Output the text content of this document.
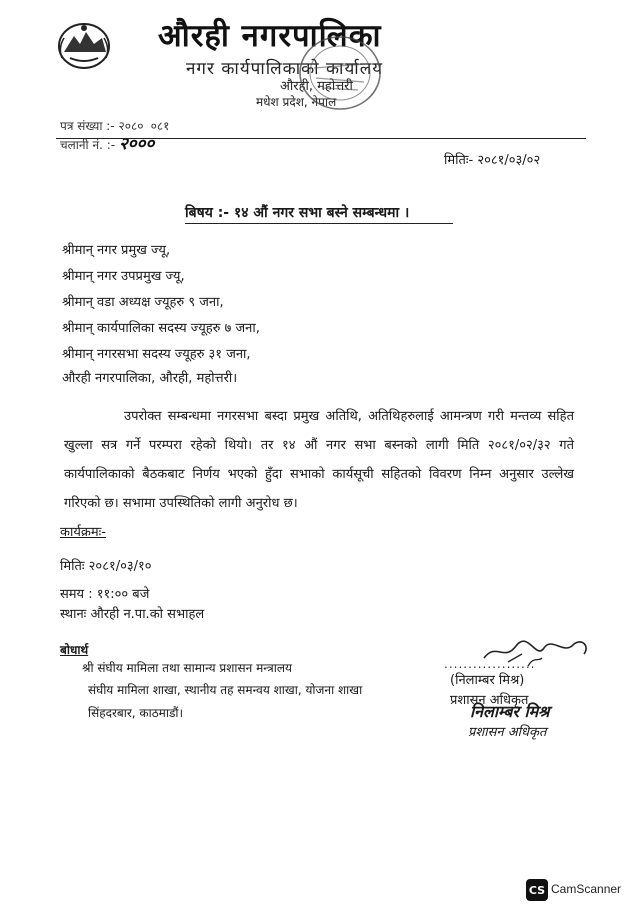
औरही नगरपालिका
नगर कार्यपालिकाको कार्यालय
औरही, महोत्तरी
मधेश प्रदेश, नेपाल
पत्र संख्या :- २०८० ०८१
चलानी नं. :- २०००
मितिः- २०८१/०३/०२
बिषय :- १४ औं नगर सभा बस्ने सम्बन्धमा ।
श्रीमान् नगर प्रमुख ज्यू,
श्रीमान् नगर उपप्रमुख ज्यू,
श्रीमान् वडा अध्यक्ष ज्यूहरु ९ जना,
श्रीमान् कार्यपालिका सदस्य ज्यूहरु ७ जना,
श्रीमान् नगरसभा सदस्य ज्यूहरु ३१ जना,
औरही नगरपालिका, औरही, महोत्तरी।
उपरोक्त सम्बन्धमा नगरसभा बस्दा प्रमुख अतिथि, अतिथिहरुलाई आमन्त्रण गरी मन्तव्य सहित खुल्ला सत्र गर्ने परम्परा रहेको थियो। तर १४ औं नगर सभा बस्नको लागी मिति २०८१/०२/३२ गते कार्यपालिकाको बैठकबाट निर्णय भएको हुँदा सभाको कार्यसूची सहितको विवरण निम्न अनुसार उल्लेख गरिएको छ। सभामा उपस्थितिको लागी अनुरोध छ।
कार्यक्रमः-
मितिः २०८१/०३/१०
समय : ११:०० बजे
स्थानः औरही न.पा.को सभाहल
बोधार्थ
श्री संघीय मामिला तथा सामान्य प्रशासन मन्त्रालय
संघीय मामिला शाखा, स्थानीय तह समन्वय शाखा, योजना शाखा
सिंहदरबार, काठमाडौं।
...................
(निलाम्बर मिश्र)
प्रशासन अधिकृत
निलाम्बर मिश्र
प्रशासन अधिकृत
CS CamScanner
